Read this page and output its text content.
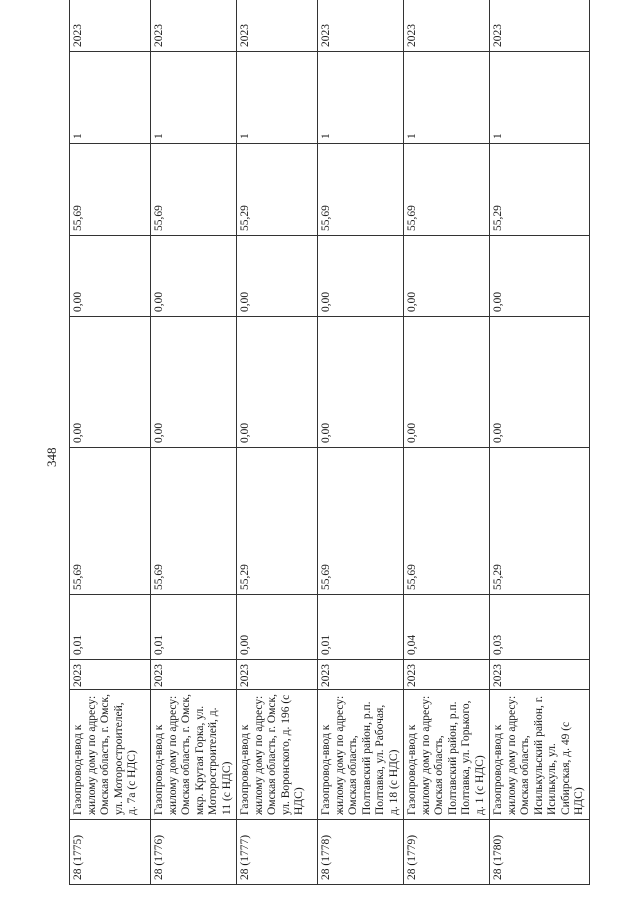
348
28 (1775)	Газопровод-ввод к жилому дому по адресу: Омская область, г. Омск, ул. Моторостроителей, д. 7а (с НДС)	2023	0,01	55,69	0,00	0,00	55,69	1	2023	
28 (1776)	Газопровод-ввод к жилому дому по адресу: Омская область, г. Омск, мкр. Крутая Горка, ул. Моторостроителей, д. 11 (с НДС)	2023	0,01	55,69	0,00	0,00	55,69	1	2023	
28 (1777)	Газопровод-ввод к жилому дому по адресу: Омская область, г. Омск, ул. Воронского, д. 196 (с НДС)	2023	0,00	55,29	0,00	0,00	55,29	1	2023	
28 (1778)	Газопровод-ввод к жилому дому по адресу: Омская область, Полтавский район, р.п. Полтавка, ул. Рабочая, д. 18 (с НДС)	2023	0,01	55,69	0,00	0,00	55,69	1	2023	
28 (1779)	Газопровод-ввод к жилому дому по адресу: Омская область, Полтавский район, р.п. Полтавка, ул. Горького, д. 1 (с НДС)	2023	0,04	55,69	0,00	0,00	55,69	1	2023	
28 (1780)	Газопровод-ввод к жилому дому по адресу: Омская область, Исилькульский район, г. Исилькуль, ул. Сибирская, д. 49 (с НДС)	2023	0,03	55,29	0,00	0,00	55,29	1	2023	
